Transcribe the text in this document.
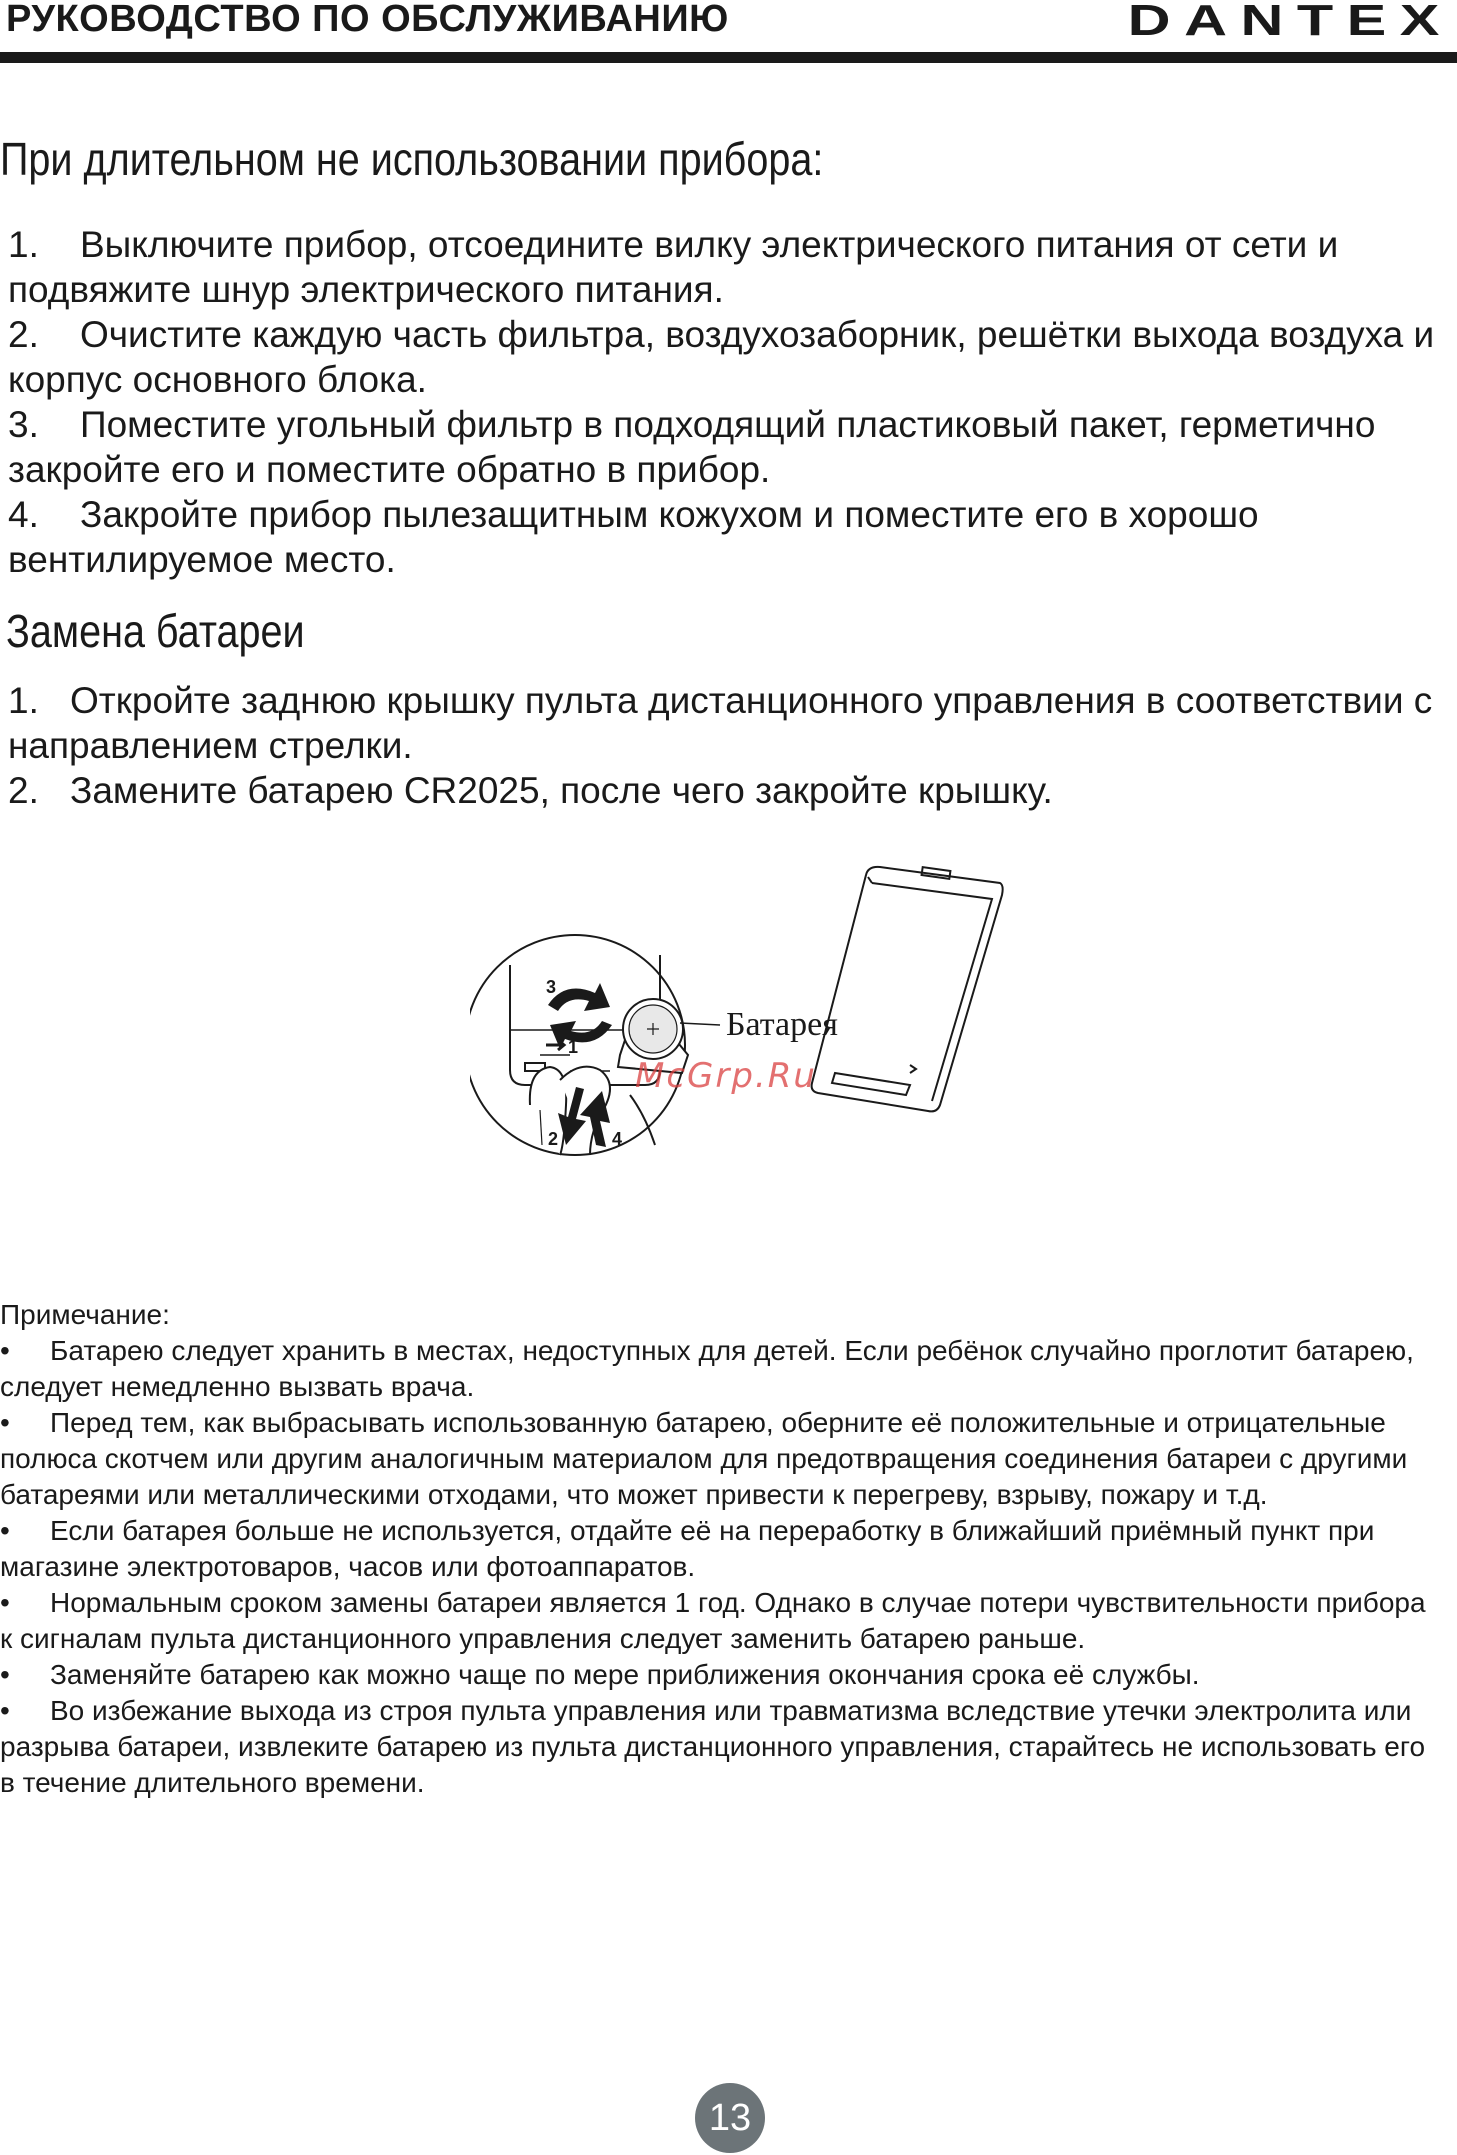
РУКОВОДСТВО ПО ОБСЛУЖИВАНИЮ	DANTEX
При длительном не использовании прибора:
1. Выключите прибор, отсоедините вилку электрического питания от сети и подвяжите шнур электрического питания.
2. Очистите каждую часть фильтра, воздухозаборник, решётки выхода воздуха и корпус основного блока.
3. Поместите угольный фильтр в подходящий пластиковый пакет, герметично закройте его и поместите обратно в прибор.
4. Закройте прибор пылезащитным кожухом и поместите его в хорошо вентилируемое место.
Замена батареи
1. Откройте заднюю крышку пульта дистанционного управления в соответствии с направлением стрелки.
2. Замените батарею CR2025, после чего закройте крышку.
1
3
Батарея
2	4
McGrp.Ru
Примечание:
• Батарею следует хранить в местах, недоступных для детей. Если ребёнок случайно проглотит батарею, следует немедленно вызвать врача.
• Перед тем, как выбрасывать использованную батарею, оберните её положительные и отрицательные полюса скотчем или другим аналогичным материалом для предотвращения соединения батареи с другими батареями или металлическими отходами, что может привести к перегреву, взрыву, пожару и т.д.
• Если батарея больше не используется, отдайте её на переработку в ближайший приёмный пункт при магазине электротоваров, часов или фотоаппаратов.
• Нормальным сроком замены батареи является 1 год. Однако в случае потери чувствительности прибора к сигналам пульта дистанционного управления следует заменить батарею раньше.
• Заменяйте батарею как можно чаще по мере приближения окончания срока её службы.
• Во избежание выхода из строя пульта управления или травматизма вследствие утечки электролита или разрыва батареи, извлеките батарею из пульта дистанционного управления, старайтесь не использовать его в течение длительного времени.
13
